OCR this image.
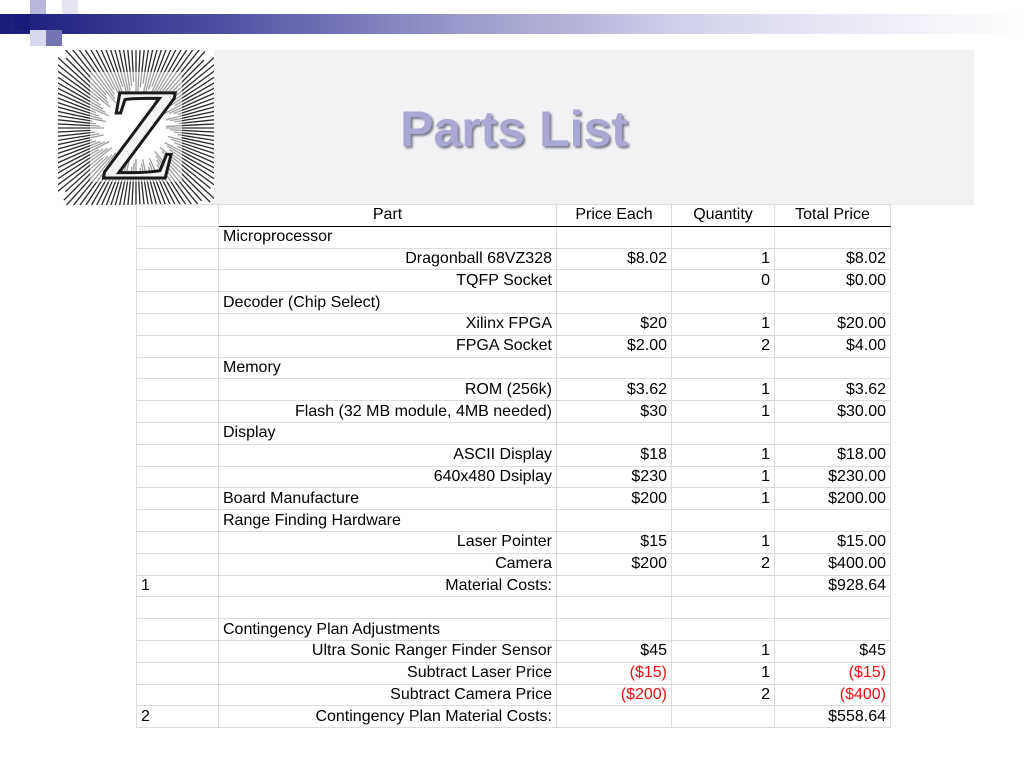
Z	Parts List
	Part	Price Each	Quantity	Total Price
	Microprocessor			
	Dragonball 68VZ328	$8.02	1	$8.02
	TQFP Socket		0	$0.00
	Decoder (Chip Select)			
	Xilinx FPGA	$20	1	$20.00
	FPGA Socket	$2.00	2	$4.00
	Memory			
	ROM (256k)	$3.62	1	$3.62
	Flash (32 MB module, 4MB needed)	$30	1	$30.00
	Display			
	ASCII Display	$18	1	$18.00
	640x480 Dsiplay	$230	1	$230.00
	Board Manufacture	$200	1	$200.00
	Range Finding Hardware			
	Laser Pointer	$15	1	$15.00
	Camera	$200	2	$400.00
1	Material Costs:			$928.64

	Contingency Plan Adjustments			
	Ultra Sonic Ranger Finder Sensor	$45	1	$45
	Subtract Laser Price	($15)	1	($15)
	Subtract Camera Price	($200)	2	($400)
2	Contingency Plan Material Costs:			$558.64
